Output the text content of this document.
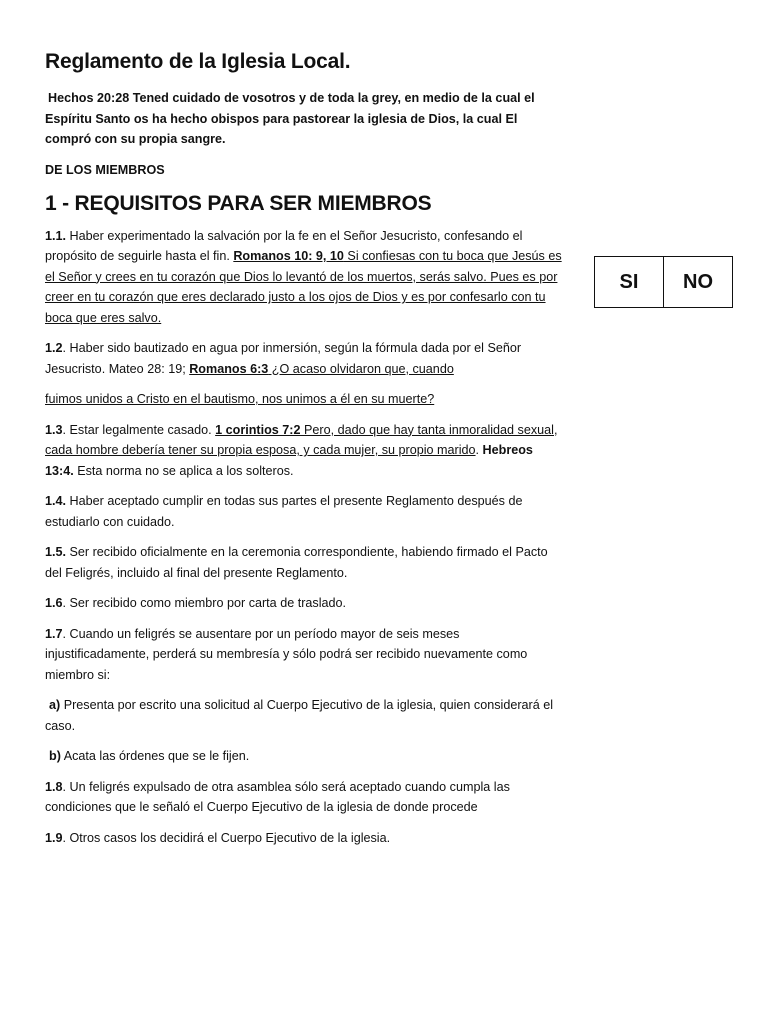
Reglamento de la Iglesia Local.

Hechos 20:28 Tened cuidado de vosotros y de toda la grey, en medio de la cual el Espíritu Santo os ha hecho obispos para pastorear la iglesia de Dios, la cual El compró con su propia sangre.

DE LOS MIEMBROS
1 - REQUISITOS PARA SER MIEMBROS

1.1. Haber experimentado la salvación por la fe en el Señor Jesucristo, confesando el propósito de seguirle hasta el fin. Romanos 10: 9, 10 Si confiesas con tu boca que Jesús es el Señor y crees en tu corazón que Dios lo levantó de los muertos, serás salvo. Pues es por creer en tu corazón que eres declarado justo a los ojos de Dios y es por confesarlo con tu boca que eres salvo.

1.2. Haber sido bautizado en agua por inmersión, según la fórmula dada por el Señor Jesucristo. Mateo 28: 19; Romanos 6:3 ¿O acaso olvidaron que, cuando

fuimos unidos a Cristo en el bautismo, nos unimos a él en su muerte?

1.3. Estar legalmente casado. 1 corintios 7:2 Pero, dado que hay tanta inmoralidad sexual, cada hombre debería tener su propia esposa, y cada mujer, su propio marido. Hebreos 13:4. Esta norma no se aplica a los solteros.

1.4. Haber aceptado cumplir en todas sus partes el presente Reglamento después de estudiarlo con cuidado.

1.5. Ser recibido oficialmente en la ceremonia correspondiente, habiendo firmado el Pacto del Feligrés, incluido al final del presente Reglamento.

1.6. Ser recibido como miembro por carta de traslado.

1.7. Cuando un feligrés se ausentare por un período mayor de seis meses injustificadamente, perderá su membresía y sólo podrá ser recibido nuevamente como miembro si:

a) Presenta por escrito una solicitud al Cuerpo Ejecutivo de la iglesia, quien considerará el caso.

b) Acata las órdenes que se le fijen.

1.8. Un feligrés expulsado de otra asamblea sólo será aceptado cuando cumpla las condiciones que le señaló el Cuerpo Ejecutivo de la iglesia de donde procede

1.9. Otros casos los decidirá el Cuerpo Ejecutivo de la iglesia.

SI	NO
